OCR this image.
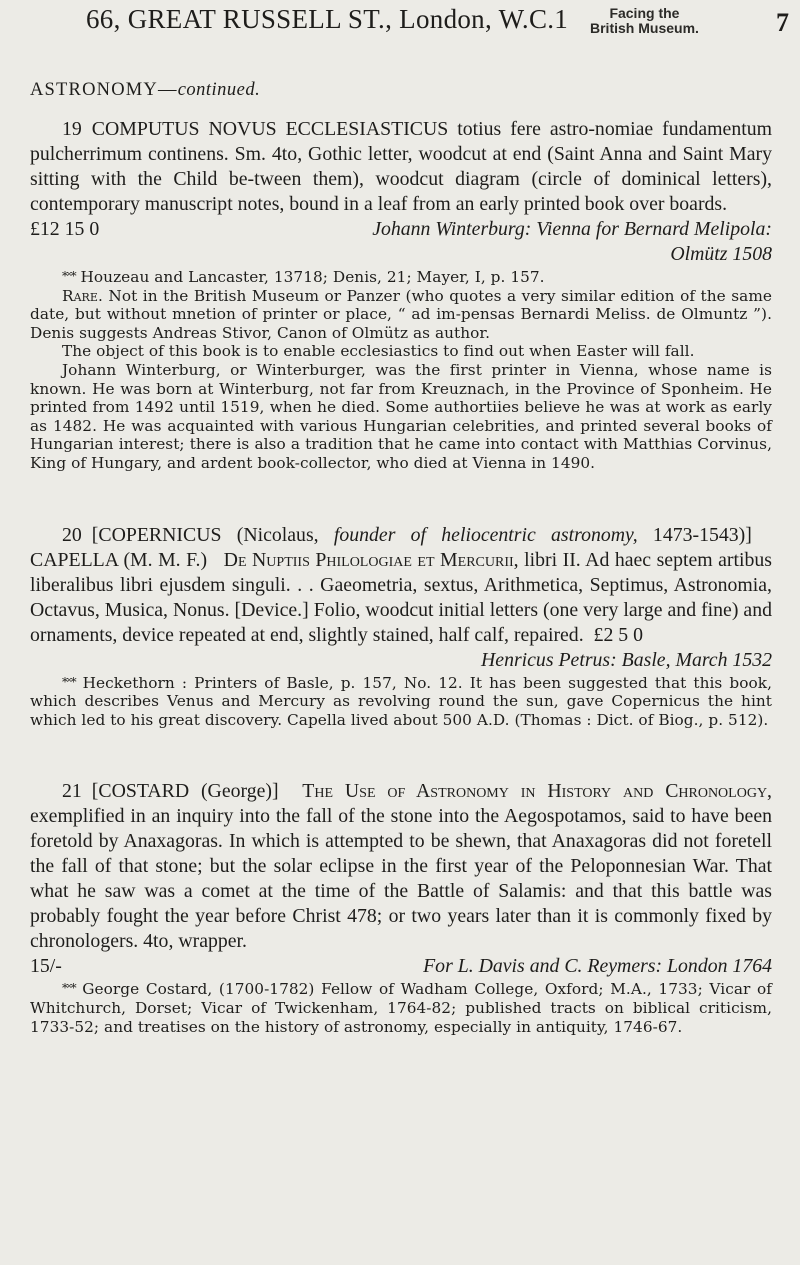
66, GREAT RUSSELL ST., London, W.C.1	Facing the
British Museum.	7
ASTRONOMY—continued.

19 COMPUTUS NOVUS ECCLESIASTICUS totius fere astro-nomiae fundamentum pulcherrimum continens. Sm. 4to, Gothic letter, woodcut at end (Saint Anna and Saint Mary sitting with the Child be-tween them), woodcut diagram (circle of dominical letters), contemporary manuscript notes, bound in a leaf from an early printed book over boards.

£12 15 0	Johann Winterburg: Vienna for Bernard Melipola:
Olmütz 1508

*˟* Houzeau and Lancaster, 13718; Denis, 21; Mayer, I, p. 157.

Rare. Not in the British Museum or Panzer (who quotes a very similar edition of the same date, but without mnetion of printer or place, “ ad im-pensas Bernardi Meliss. de Olmuntz ”). Denis suggests Andreas Stivor, Canon of Olmütz as author.

The object of this book is to enable ecclesiastics to find out when Easter will fall.

Johann Winterburg, or Winterburger, was the first printer in Vienna, whose name is known. He was born at Winterburg, not far from Kreuznach, in the Province of Sponheim. He printed from 1492 until 1519, when he died. Some authortiies believe he was at work as early as 1482. He was acquainted with various Hungarian celebrities, and printed several books of Hungarian interest; there is also a tradition that he came into contact with Matthias Corvinus, King of Hungary, and ardent book-collector, who died at Vienna in 1490.

20 [COPERNICUS (Nicolaus, founder of heliocentric astronomy, 1473-1543)]   CAPELLA (M. M. F.) De Nuptiis Philologiae et Mercurii, libri II. Ad haec septem artibus liberalibus libri ejusdem singuli. . . Gaeometria, sextus, Arithmetica, Septimus, Astronomia, Octavus, Musica, Nonus. [Device.] Folio, woodcut initial letters (one very large and fine) and ornaments, device repeated at end, slightly stained, half calf, repaired. £2 5 0

Henricus Petrus: Basle, March 1532

*˟* Heckethorn : Printers of Basle, p. 157, No. 12. It has been suggested that this book, which describes Venus and Mercury as revolving round the sun, gave Copernicus the hint which led to his great discovery. Capella lived about 500 A.D. (Thomas : Dict. of Biog., p. 512).

21 [COSTARD (George)] The Use of Astronomy in History and Chronology, exemplified in an inquiry into the fall of the stone into the Aegospotamos, said to have been foretold by Anaxagoras. In which is attempted to be shewn, that Anaxagoras did not foretell the fall of that stone; but the solar eclipse in the first year of the Peloponnesian War. That what he saw was a comet at the time of the Battle of Salamis: and that this battle was probably fought the year before Christ 478; or two years later than it is commonly fixed by chronologers. 4to, wrapper.

15/-	For L. Davis and C. Reymers: London 1764

*˟* George Costard, (1700-1782) Fellow of Wadham College, Oxford; M.A., 1733; Vicar of Whitchurch, Dorset; Vicar of Twickenham, 1764-82; published tracts on biblical criticism, 1733-52; and treatises on the history of astronomy, especially in antiquity, 1746-67.
